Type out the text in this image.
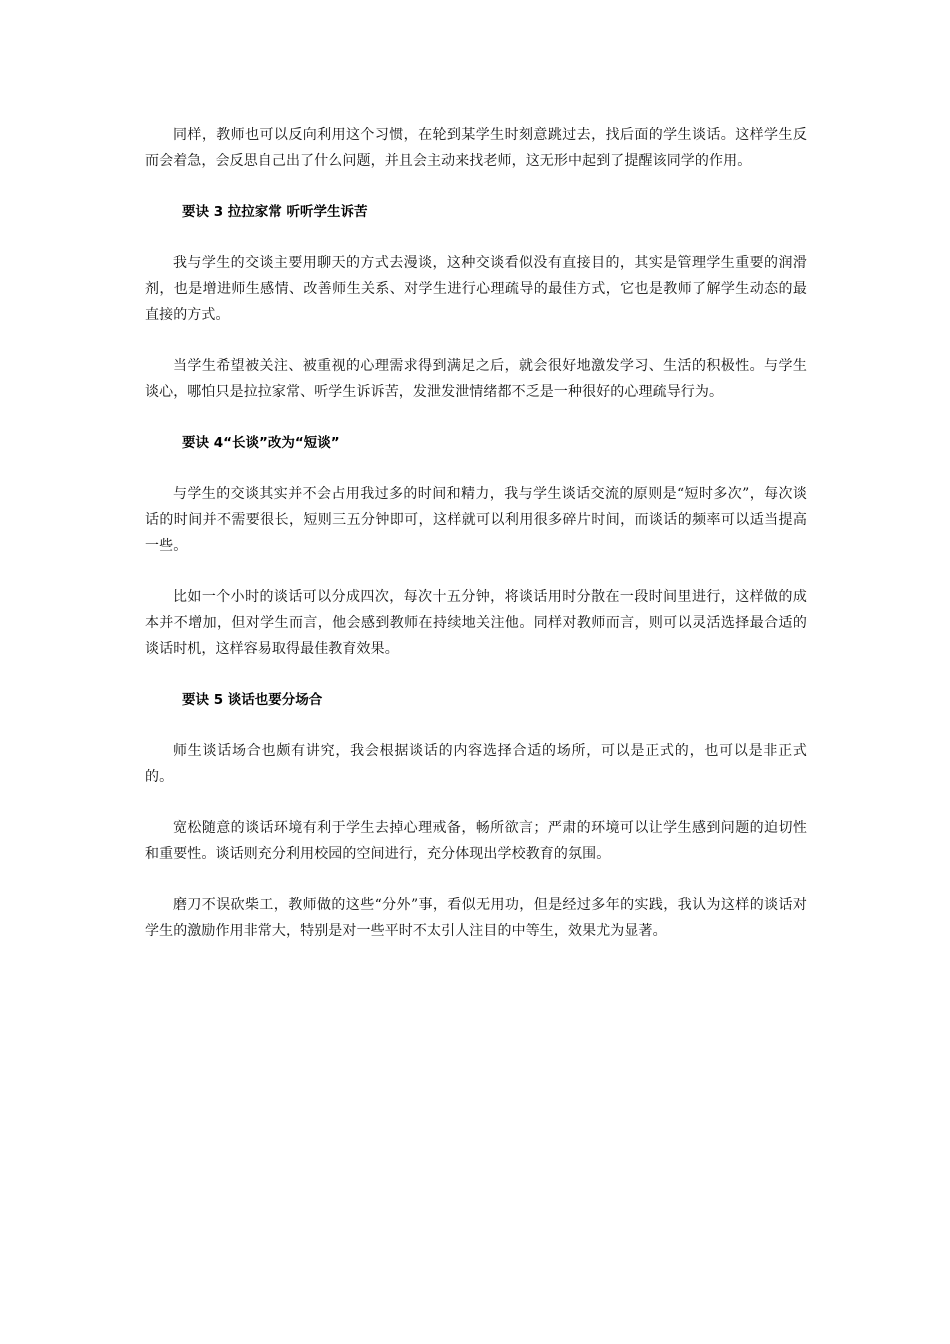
同样，教师也可以反向利用这个习惯，在轮到某学生时刻意跳过去，找后面的学生谈话。这样学生反而会着急，会反思自己出了什么问题，并且会主动来找老师，这无形中起到了提醒该同学的作用。

要诀 3 拉拉家常 听听学生诉苦

我与学生的交谈主要用聊天的方式去漫谈，这种交谈看似没有直接目的，其实是管理学生重要的润滑剂，也是增进师生感情、改善师生关系、对学生进行心理疏导的最佳方式，它也是教师了解学生动态的最直接的方式。

当学生希望被关注、被重视的心理需求得到满足之后，就会很好地激发学习、生活的积极性。与学生谈心，哪怕只是拉拉家常、听学生诉诉苦，发泄发泄情绪都不乏是一种很好的心理疏导行为。

要诀 4“长谈”改为“短谈”

与学生的交谈其实并不会占用我过多的时间和精力，我与学生谈话交流的原则是“短时多次”，每次谈话的时间并不需要很长，短则三五分钟即可，这样就可以利用很多碎片时间，而谈话的频率可以适当提高一些。

比如一个小时的谈话可以分成四次，每次十五分钟，将谈话用时分散在一段时间里进行，这样做的成本并不增加，但对学生而言，他会感到教师在持续地关注他。同样对教师而言，则可以灵活选择最合适的谈话时机，这样容易取得最佳教育效果。

要诀 5 谈话也要分场合

师生谈话场合也颇有讲究，我会根据谈话的内容选择合适的场所，可以是正式的，也可以是非正式的。

宽松随意的谈话环境有利于学生去掉心理戒备，畅所欲言；严肃的环境可以让学生感到问题的迫切性和重要性。谈话则充分利用校园的空间进行，充分体现出学校教育的氛围。

磨刀不误砍柴工，教师做的这些“分外”事，看似无用功，但是经过多年的实践，我认为这样的谈话对学生的激励作用非常大，特别是对一些平时不太引人注目的中等生，效果尤为显著。
